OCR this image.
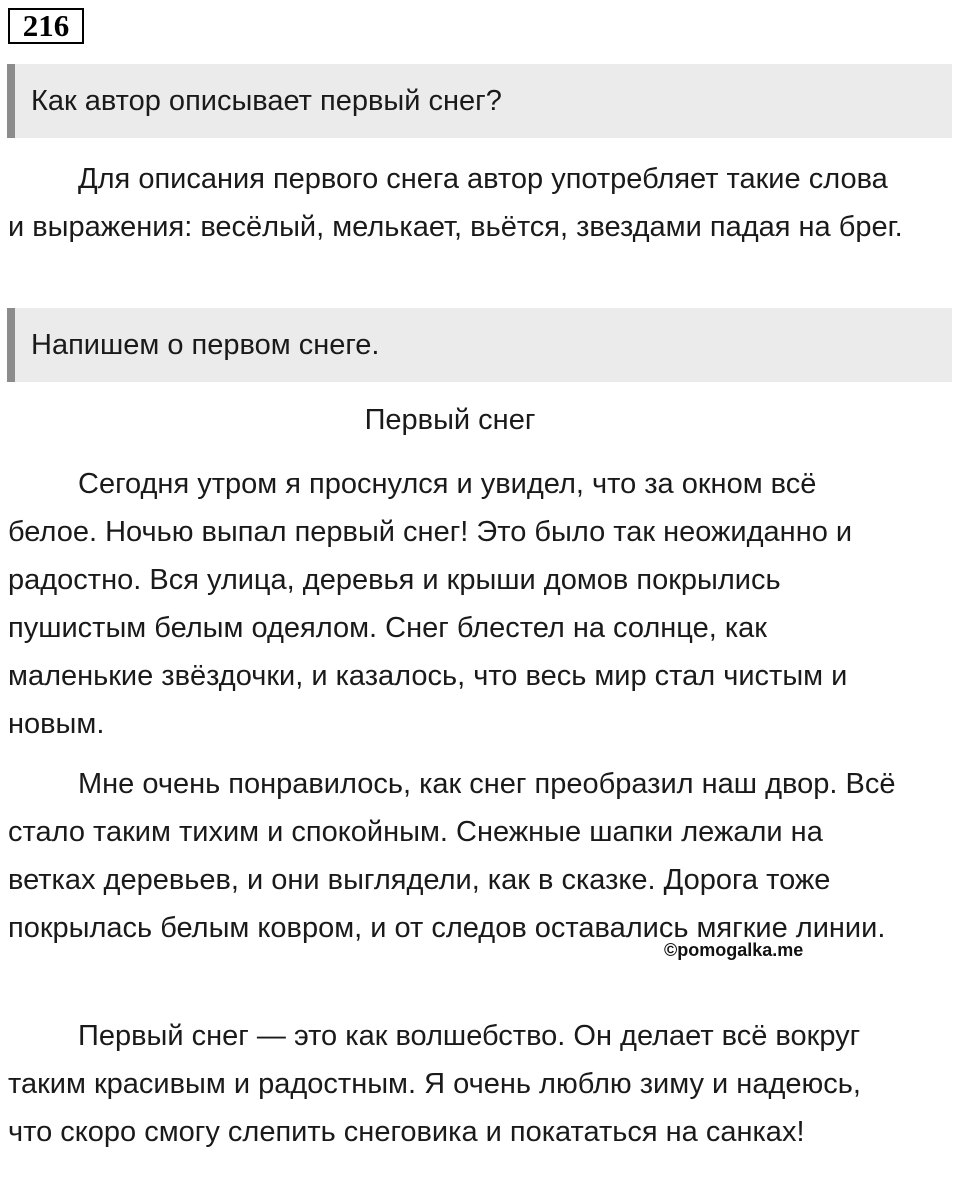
216
Как автор описывает первый снег?

Для описания первого снега автор употребляет такие слова и выражения: весёлый, мелькает, вьётся, звездами падая на брег.

Напишем о первом снеге.
Первый снег

Сегодня утром я проснулся и увидел, что за окном всё белое. Ночью выпал первый снег! Это было так неожиданно и радостно. Вся улица, деревья и крыши домов покрылись пушистым белым одеялом. Снег блестел на солнце, как маленькие звёздочки, и казалось, что весь мир стал чистым и новым.

Мне очень понравилось, как снег преобразил наш двор. Всё стало таким тихим и спокойным. Снежные шапки лежали на ветках деревьев, и они выглядели, как в сказке. Дорога тоже покрылась белым ковром, и от следов оставались мягкие линии.

Первый снег — это как волшебство. Он делает всё вокруг таким красивым и радостным. Я очень люблю зиму и надеюсь, что скоро смогу слепить снеговика и покататься на санках!

©pomogalka.me
